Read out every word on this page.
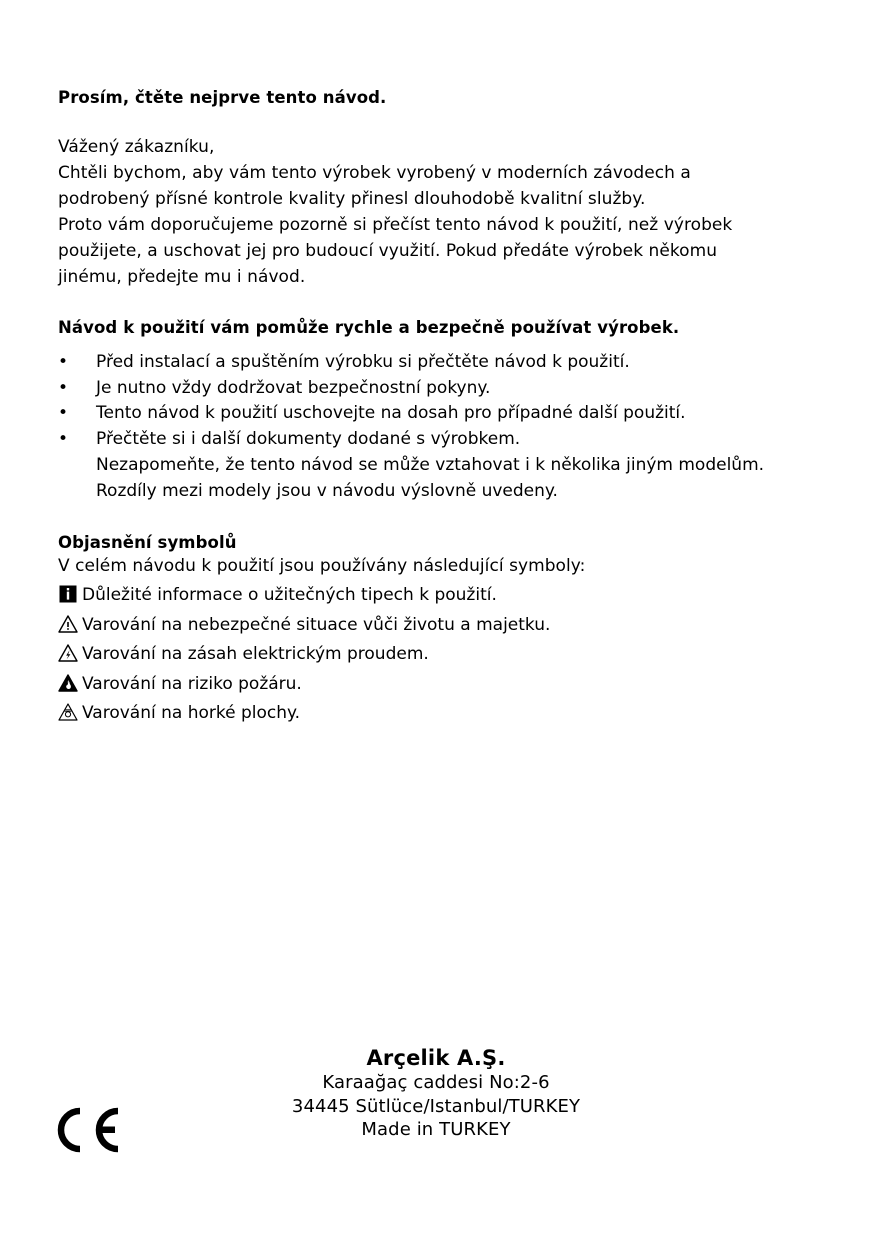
Prosím, čtěte nejprve tento návod.
Vážený zákazníku,
Chtěli bychom, aby vám tento výrobek vyrobený v moderních závodech a
podrobený přísné kontrole kvality přinesl dlouhodobě kvalitní služby.
Proto vám doporučujeme pozorně si přečíst tento návod k použití, než výrobek
použijete, a uschovat jej pro budoucí využití. Pokud předáte výrobek někomu
jinému, předejte mu i návod.
Návod k použití vám pomůže rychle a bezpečně používat výrobek.
•	Před instalací a spuštěním výrobku si přečtěte návod k použití.
•	Je nutno vždy dodržovat bezpečnostní pokyny.
•	Tento návod k použití uschovejte na dosah pro případné další použití.
•	Přečtěte si i další dokumenty dodané s výrobkem.
Nezapomeňte, že tento návod se může vztahovat i k několika jiným modelům.
Rozdíly mezi modely jsou v návodu výslovně uvedeny.
Objasnění symbolů
V celém návodu k použití jsou používány následující symboly:
Důležité informace o užitečných tipech k použití.
Varování na nebezpečné situace vůči životu a majetku.
Varování na zásah elektrickým proudem.
Varování na riziko požáru.
Varování na horké plochy.
Arçelik A.Ş.
Karaağaç caddesi No:2-6
34445 Sütlüce/Istanbul/TURKEY
Made in TURKEY
